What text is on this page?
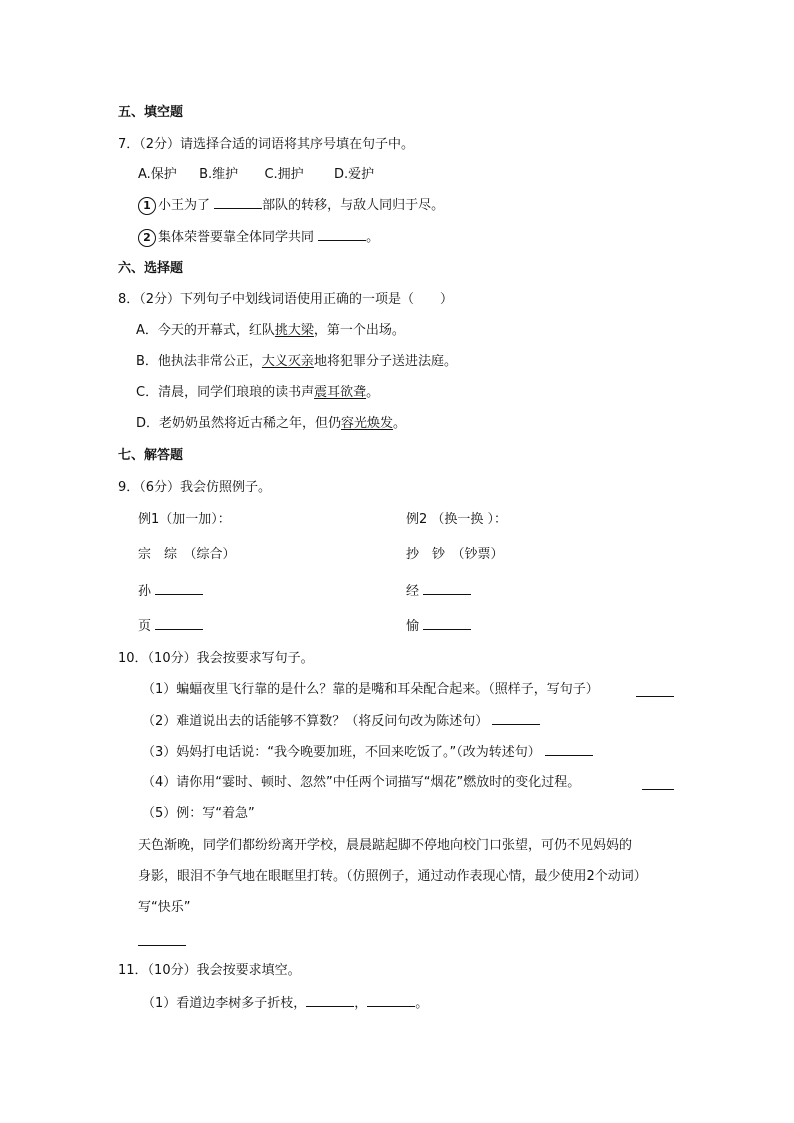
五、填空题
7．（2分）请选择合适的词语将其序号填在句子中。
A.保护 B.维护 C.拥护 D.爱护
1 小王为了	部队的转移，与敌人同归于尽。
2 集体荣誉要靠全体同学共同	。
六、选择题
8．（2分）下列句子中划线词语使用正确的一项是（　　）
A．今天的开幕式，红队挑大梁，第一个出场。
B．他执法非常公正，大义灭亲地将犯罪分子送进法庭。
C．清晨，同学们琅琅的读书声震耳欲聋。
D．老奶奶虽然将近古稀之年，但仍容光焕发。
七、解答题
9．（6分）我会仿照例子。
例1（加一加）：	例2 （换一换 ）：
宗　综　（综合）	抄　钞　（钞票）
孙	经
页	愉
10．（10分）我会按要求写句子。
（1）蝙蝠夜里飞行靠的是什么？靠的是嘴和耳朵配合起来。（照样子，写句子）
（2）难道说出去的话能够不算数？（将反问句改为陈述句）
（3）妈妈打电话说：“我今晚要加班，不回来吃饭了。”（改为转述句）
（4）请你用“霎时、顿时、忽然”中任两个词描写“烟花”燃放时的变化过程。
（5）例：写“着急”
天色渐晚，同学们都纷纷离开学校，晨晨踮起脚不停地向校门口张望，可仍不见妈妈的
身影，眼泪不争气地在眼眶里打转。（仿照例子，通过动作表现心情，最少使用2个动词）
写“快乐”
11．（10分）我会按要求填空。
（1）看道边李树多子折枝，	，	。
